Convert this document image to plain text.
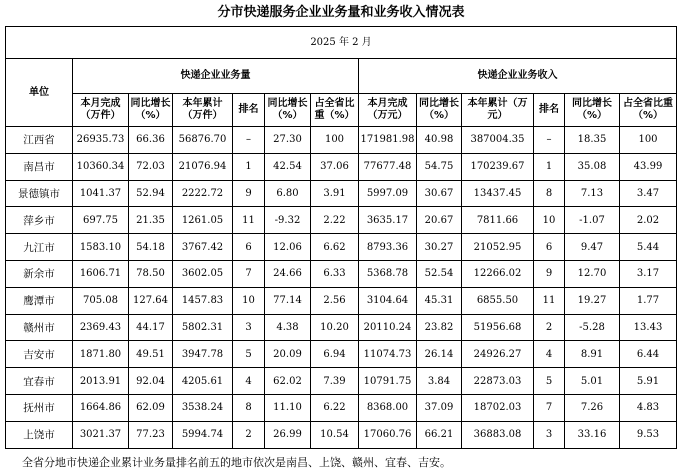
分市快递服务企业业务量和业务收入情况表
2025 年 2 月												
单位	快递企业业务量						快递企业业务收入					
	本月完成（万件）	同比增长（%）	本年累计（万件）	排名	同比增长（%）	占全省比重（%）	本月完成（万元）	同比增长（%）	本年累计（万元）	排名	同比增长（%）	占全省比重（%）
江西省	26935.73	66.36	56876.70	–	27.30	100	171981.98	40.98	387004.35	–	18.35	100
南昌市	10360.34	72.03	21076.94	1	42.54	37.06	77677.48	54.75	170239.67	1	35.08	43.99
景德镇市	1041.37	52.94	2222.72	9	6.80	3.91	5997.09	30.67	13437.45	8	7.13	3.47
萍乡市	697.75	21.35	1261.05	11	-9.32	2.22	3635.17	20.67	7811.66	10	-1.07	2.02
九江市	1583.10	54.18	3767.42	6	12.06	6.62	8793.36	30.27	21052.95	6	9.47	5.44
新余市	1606.71	78.50	3602.05	7	24.66	6.33	5368.78	52.54	12266.02	9	12.70	3.17
鹰潭市	705.08	127.64	1457.83	10	77.14	2.56	3104.64	45.31	6855.50	11	19.27	1.77
赣州市	2369.43	44.17	5802.31	3	4.38	10.20	20110.24	23.82	51956.68	2	-5.28	13.43
吉安市	1871.80	49.51	3947.78	5	20.09	6.94	11074.73	26.14	24926.27	4	8.91	6.44
宜春市	2013.91	92.04	4205.61	4	62.02	7.39	10791.75	3.84	22873.03	5	5.01	5.91
抚州市	1664.86	62.09	3538.24	8	11.10	6.22	8368.00	37.09	18702.03	7	7.26	4.83
上饶市	3021.37	77.23	5994.74	2	26.99	10.54	17060.76	66.21	36883.08	3	33.16	9.53
全省分地市快递企业累计业务量排名前五的地市依次是南昌、上饶、赣州、宜春、吉安。
